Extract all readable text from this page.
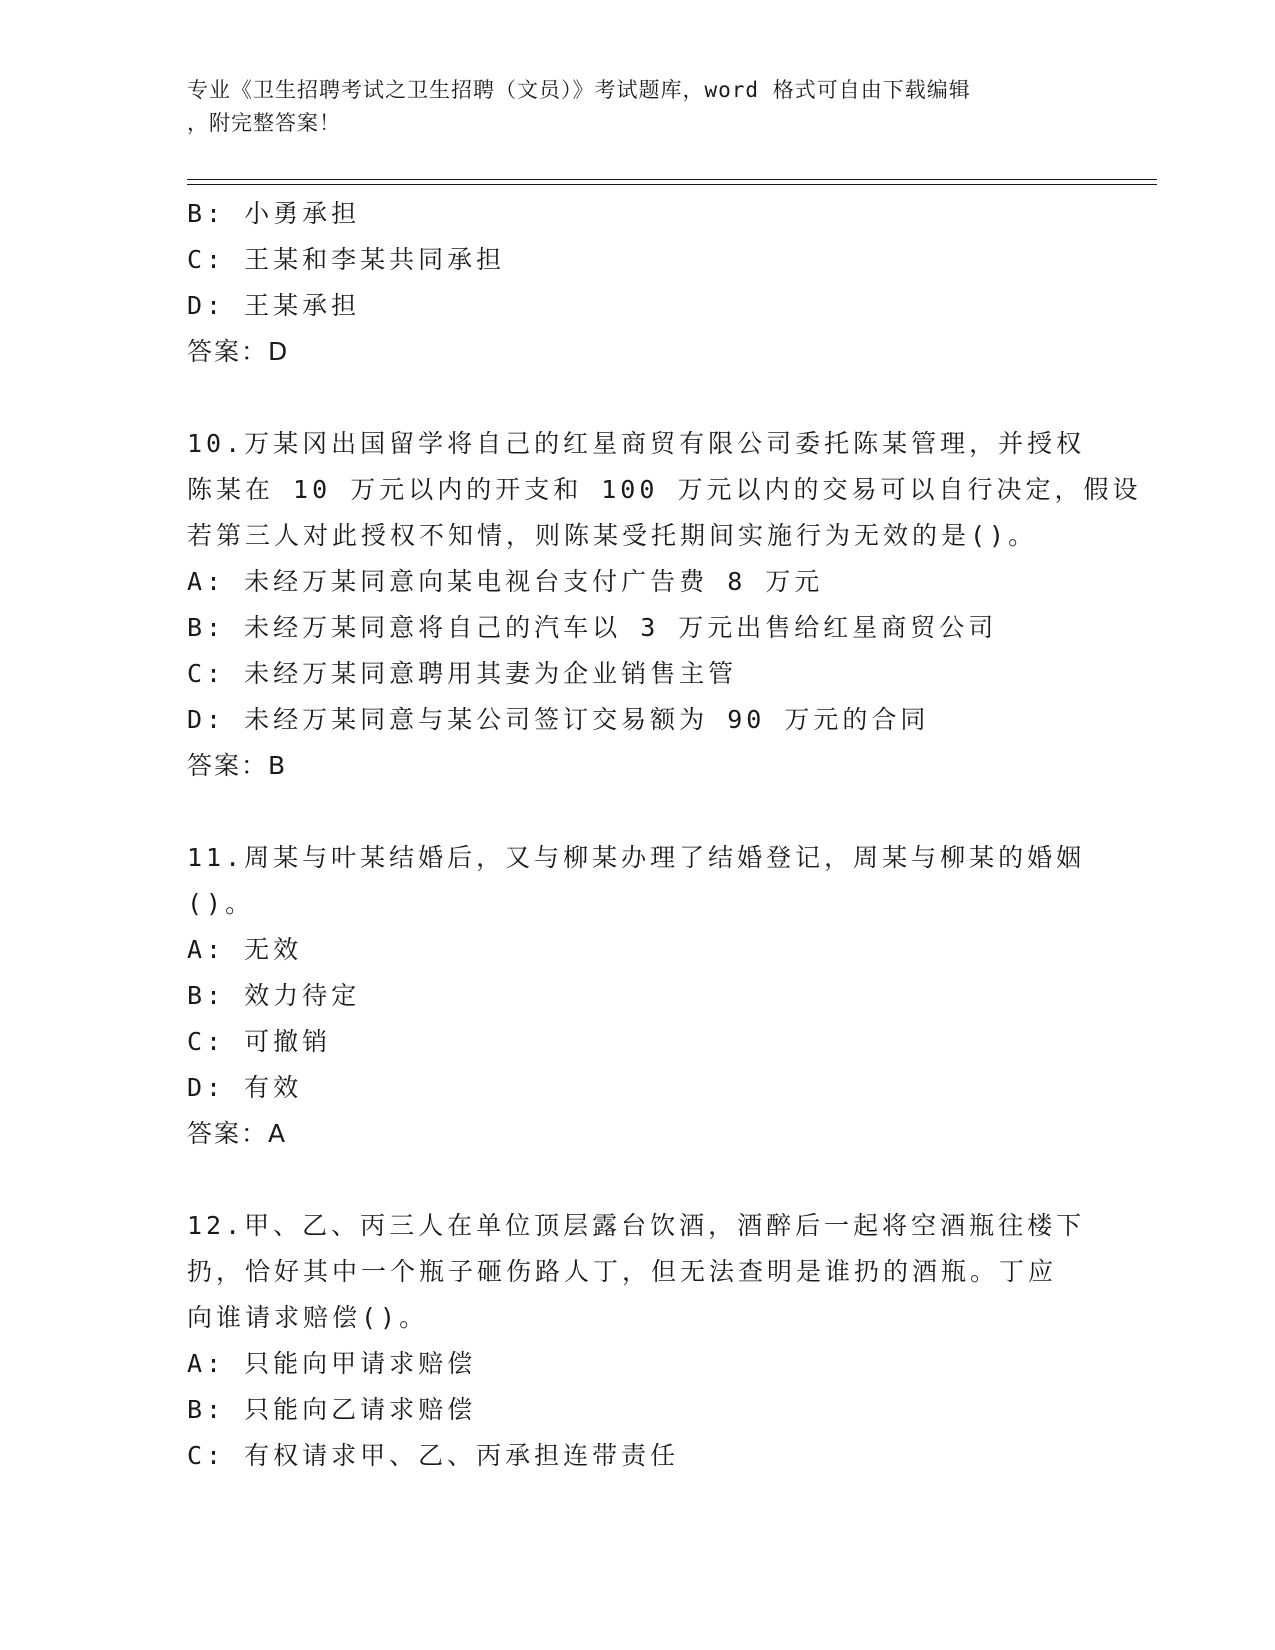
专业《卫生招聘考试之卫生招聘（文员）》考试题库，word 格式可自由下载编辑
，附完整答案！
B: 小勇承担
C: 王某和李某共同承担
D: 王某承担
答案：D
10.万某冈出国留学将自己的红星商贸有限公司委托陈某管理，并授权
陈某在 10 万元以内的开支和 100 万元以内的交易可以自行决定，假设
若第三人对此授权不知情，则陈某受托期间实施行为无效的是()。
A: 未经万某同意向某电视台支付广告费 8 万元
B: 未经万某同意将自己的汽车以 3 万元出售给红星商贸公司
C: 未经万某同意聘用其妻为企业销售主管
D: 未经万某同意与某公司签订交易额为 90 万元的合同
答案：B
11.周某与叶某结婚后，又与柳某办理了结婚登记，周某与柳某的婚姻
()。
A: 无效
B: 效力待定
C: 可撤销
D: 有效
答案：A
12.甲、乙、丙三人在单位顶层露台饮酒，酒醉后一起将空酒瓶往楼下
扔，恰好其中一个瓶子砸伤路人丁，但无法查明是谁扔的酒瓶。丁应
向谁请求赔偿()。
A: 只能向甲请求赔偿
B: 只能向乙请求赔偿
C: 有权请求甲、乙、丙承担连带责任
